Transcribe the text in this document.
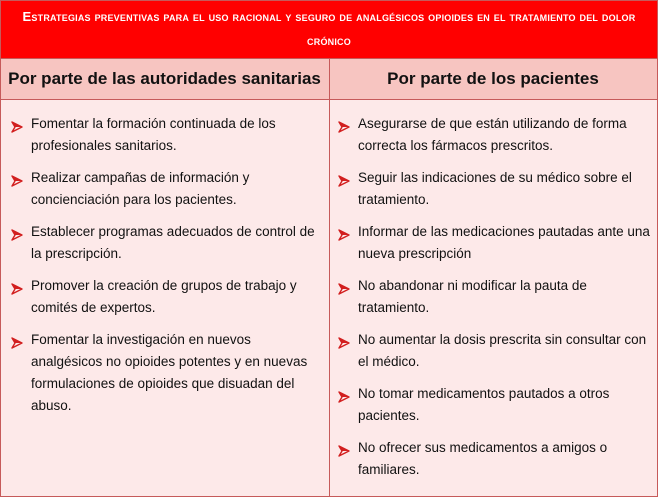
Estrategias preventivas para el uso racional y seguro de analgésicos opioides en el tratamiento del dolor crónico
Por parte de las autoridades sanitarias	Por parte de los pacientes
Fomentar la formación continuada de los profesionales sanitarios.
Realizar campañas de información y concienciación para los pacientes.
Establecer programas adecuados de control de la prescripción.
Promover la creación de grupos de trabajo y comités de expertos.
Fomentar la investigación en nuevos analgésicos no opioides potentes y en nuevas formulaciones de opioides que disuadan del abuso.
Asegurarse de que están utilizando de forma correcta los fármacos prescritos.
Seguir las indicaciones de su médico sobre el tratamiento.
Informar de las medicaciones pautadas ante una nueva prescripción
No abandonar ni modificar la pauta de tratamiento.
No aumentar la dosis prescrita sin consultar con el médico.
No tomar medicamentos pautados a otros pacientes.
No ofrecer sus medicamentos a amigos o familiares.
